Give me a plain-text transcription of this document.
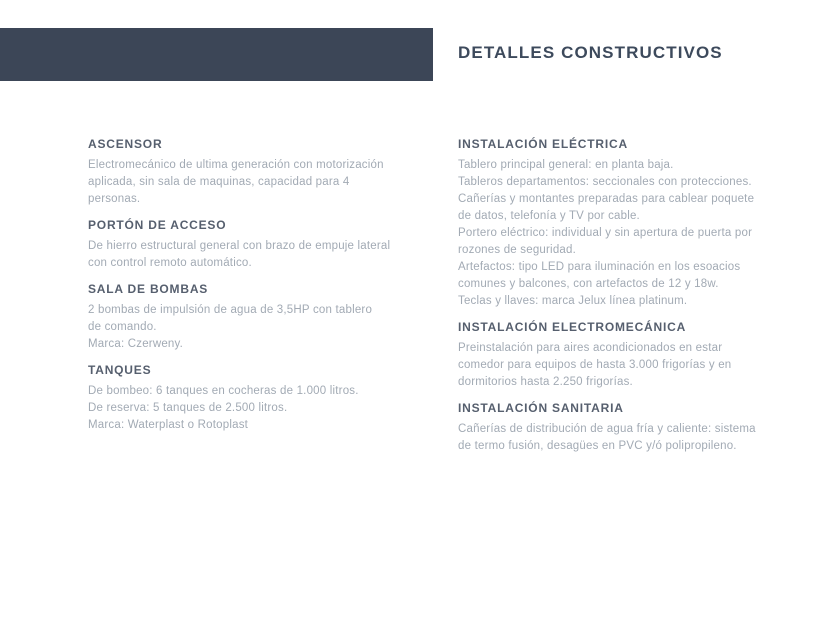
DETALLES CONSTRUCTIVOS
ASCENSOR
Electromecánico de ultima generación con motorización
aplicada, sin sala de maquinas, capacidad para 4
personas.
PORTÓN DE ACCESO
De hierro estructural general con brazo de empuje lateral
con control remoto automático.
SALA DE BOMBAS
2 bombas de impulsión de agua de 3,5HP con tablero
de comando.
Marca: Czerweny.
TANQUES
De bombeo: 6 tanques en cocheras de 1.000 litros.
De reserva: 5 tanques de 2.500 litros.
Marca: Waterplast o Rotoplast
INSTALACIÓN ELÉCTRICA
Tablero principal general: en planta baja.
Tableros departamentos: seccionales con protecciones.
Cañerías y montantes preparadas para cablear poquete
de datos, telefonía y TV por cable.
Portero eléctrico: individual y sin apertura de puerta por
rozones de seguridad.
Artefactos: tipo LED para iluminación en los esoacios
comunes y balcones, con artefactos de 12 y 18w.
Teclas y llaves: marca Jelux línea platinum.
INSTALACIÓN ELECTROMECÁNICA
Preinstalación para aires acondicionados en estar
comedor para equipos de hasta 3.000 frigorías y en
dormitorios hasta 2.250 frigorías.
INSTALACIÓN SANITARIA
Cañerías de distribución de agua fría y caliente: sistema
de termo fusión, desagües en PVC y/ó polipropileno.
